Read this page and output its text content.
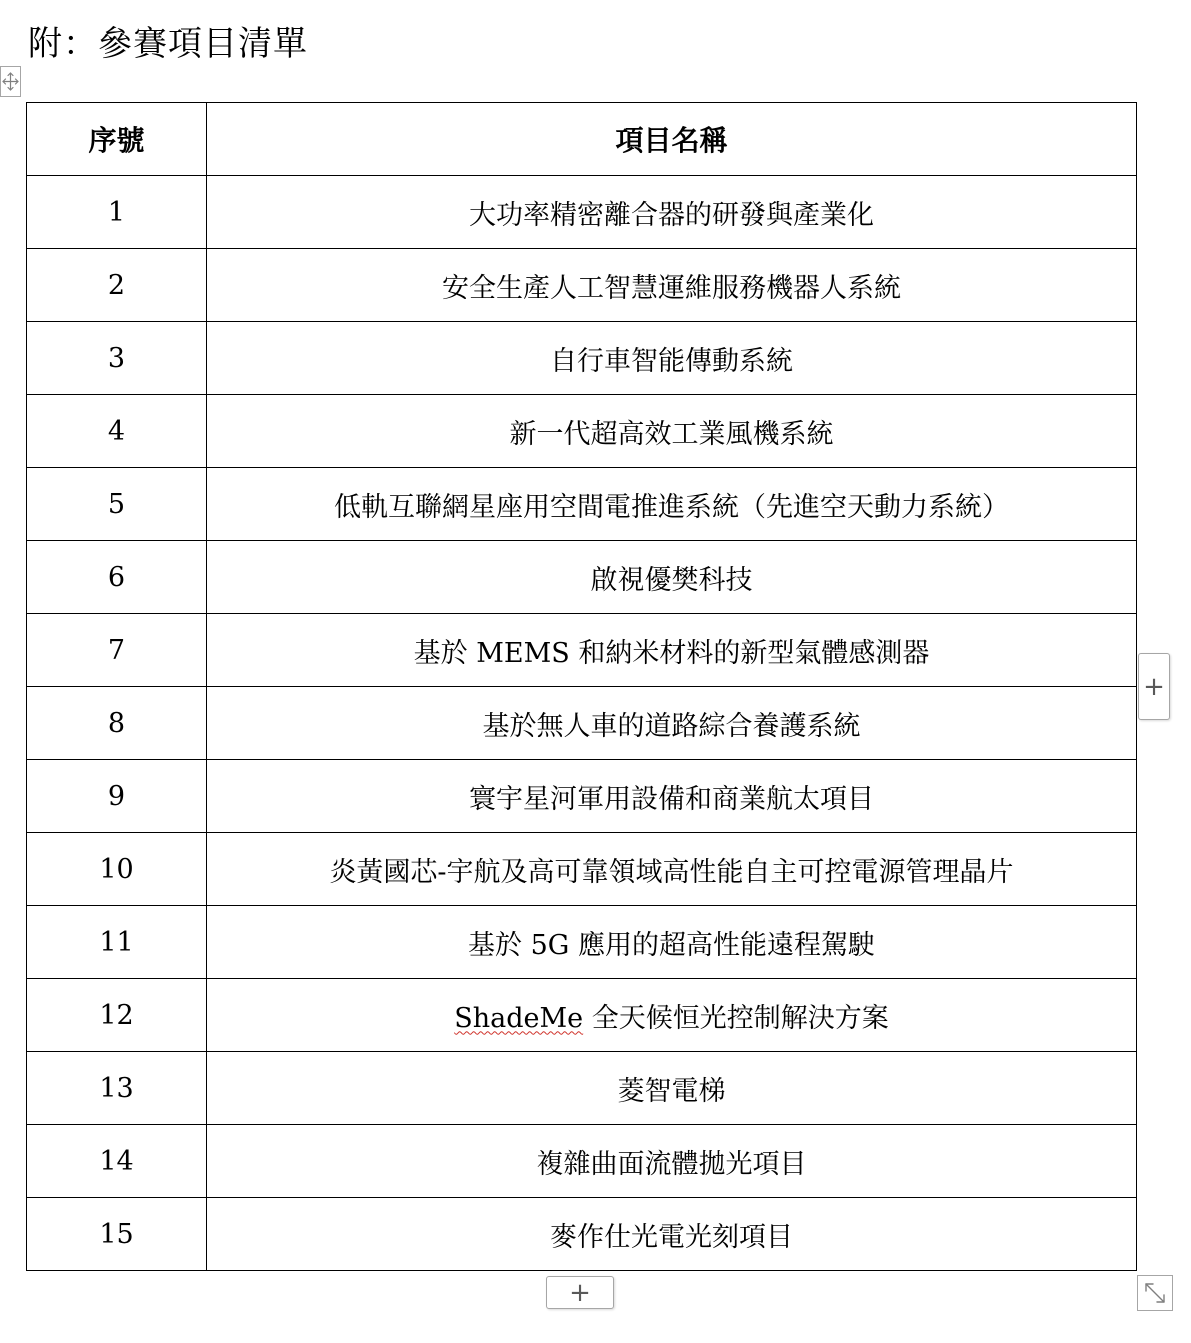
附：參賽項目清單
序號	項目名稱
1	大功率精密離合器的研發與產業化
2	安全生產人工智慧運維服務機器人系統
3	自行車智能傳動系統
4	新一代超高效工業風機系統
5	低軌互聯網星座用空間電推進系統（先進空天動力系統）
6	啟視優樊科技
7	基於 MEMS 和納米材料的新型氣體感測器
8	基於無人車的道路綜合養護系統
9	寰宇星河軍用設備和商業航太項目
10	炎黃國芯-宇航及高可靠領域高性能自主可控電源管理晶片
11	基於 5G 應用的超高性能遠程駕駛
12	ShadeMe 全天候恒光控制解決方案
13	菱智電梯
14	複雜曲面流體拋光項目
15	麥作仕光電光刻項目
+
+
